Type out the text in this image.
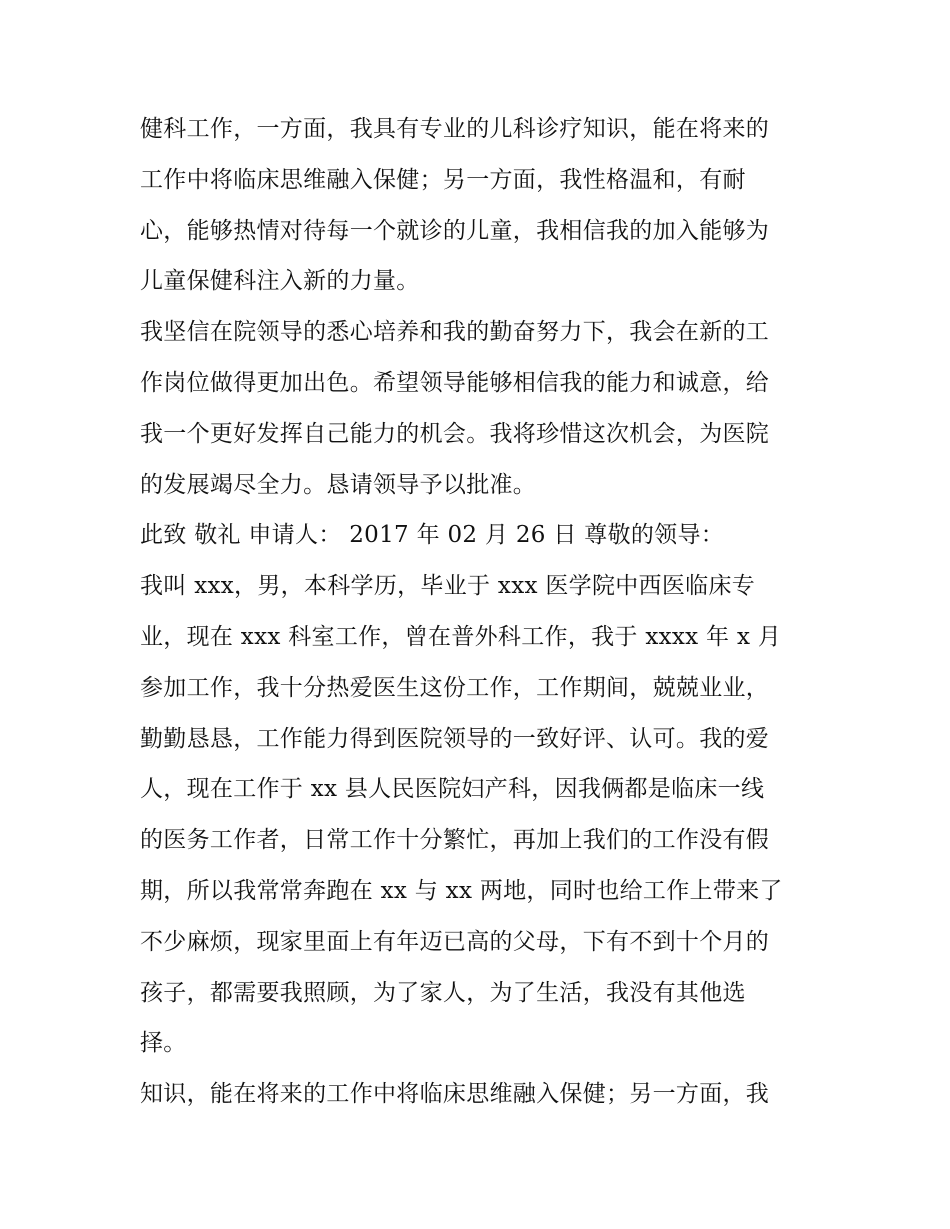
健科工作，一方面，我具有专业的儿科诊疗知识，能在将来的
工作中将临床思维融入保健；另一方面，我性格温和，有耐
心，能够热情对待每一个就诊的儿童，我相信我的加入能够为
儿童保健科注入新的力量。
我坚信在院领导的悉心培养和我的勤奋努力下，我会在新的工
作岗位做得更加出色。希望领导能够相信我的能力和诚意，给
我一个更好发挥自己能力的机会。我将珍惜这次机会，为医院
的发展竭尽全力。恳请领导予以批准。
此致 敬礼 申请人： 2017 年 02 月 26 日 尊敬的领导：
我叫 xxx，男，本科学历，毕业于 xxx 医学院中西医临床专
业，现在 xxx 科室工作，曾在普外科工作，我于 xxxx 年 x 月
参加工作，我十分热爱医生这份工作，工作期间，兢兢业业，
勤勤恳恳，工作能力得到医院领导的一致好评、认可。我的爱
人，现在工作于 xx 县人民医院妇产科，因我俩都是临床一线
的医务工作者，日常工作十分繁忙，再加上我们的工作没有假
期，所以我常常奔跑在 xx 与 xx 两地，同时也给工作上带来了
不少麻烦，现家里面上有年迈已高的父母，下有不到十个月的
孩子，都需要我照顾，为了家人，为了生活，我没有其他选
择。
知识，能在将来的工作中将临床思维融入保健；另一方面，我
